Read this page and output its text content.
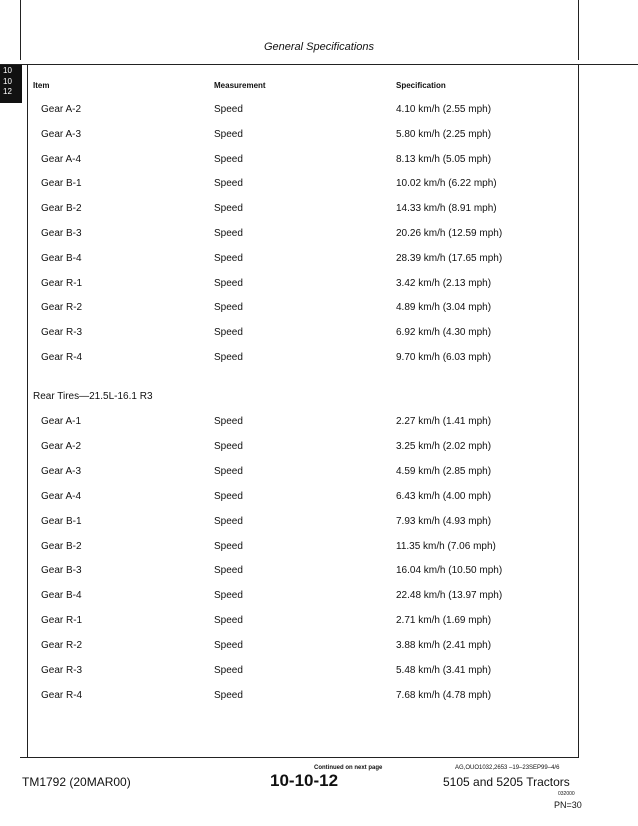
General Specifications
10
10
12
Item	Measurement	Specification
Gear A-2	Speed	4.10 km/h (2.55 mph)
Gear A-3	Speed	5.80 km/h (2.25 mph)
Gear A-4	Speed	8.13 km/h (5.05 mph)
Gear B-1	Speed	10.02 km/h (6.22 mph)
Gear B-2	Speed	14.33 km/h (8.91 mph)
Gear B-3	Speed	20.26 km/h (12.59 mph)
Gear B-4	Speed	28.39 km/h (17.65 mph)
Gear R-1	Speed	3.42 km/h (2.13 mph)
Gear R-2	Speed	4.89 km/h (3.04 mph)
Gear R-3	Speed	6.92 km/h (4.30 mph)
Gear R-4	Speed	9.70 km/h (6.03 mph)
Rear Tires—21.5L-16.1 R3
Gear A-1	Speed	2.27 km/h (1.41 mph)
Gear A-2	Speed	3.25 km/h (2.02 mph)
Gear A-3	Speed	4.59 km/h (2.85 mph)
Gear A-4	Speed	6.43 km/h (4.00 mph)
Gear B-1	Speed	7.93 km/h (4.93 mph)
Gear B-2	Speed	11.35 km/h (7.06 mph)
Gear B-3	Speed	16.04 km/h (10.50 mph)
Gear B-4	Speed	22.48 km/h (13.97 mph)
Gear R-1	Speed	2.71 km/h (1.69 mph)
Gear R-2	Speed	3.88 km/h (2.41 mph)
Gear R-3	Speed	5.48 km/h (3.41 mph)
Gear R-4	Speed	7.68 km/h (4.78 mph)
Continued on next page	AG,OUO1032,2653 –19–23SEP99–4/6
TM1792 (20MAR00)	10-10-12	5105 and 5205 Tractors
032000
PN=30
